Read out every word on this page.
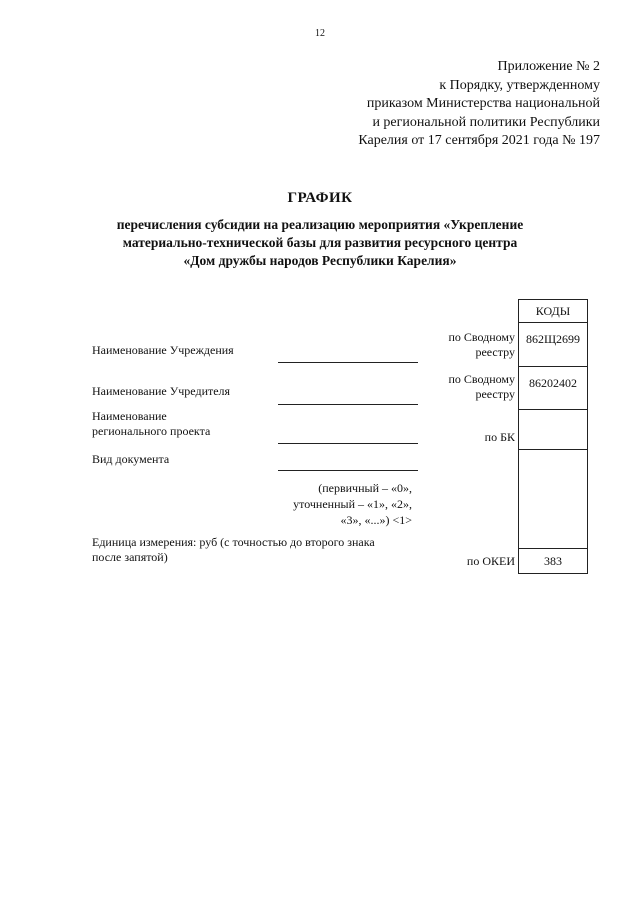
12
Приложение № 2
к Порядку, утвержденному
приказом Министерства национальной
и региональной политики Республики
Карелия от 17 сентября 2021 года № 197
ГРАФИК
перечисления субсидии на реализацию мероприятия «Укрепление
материально-технической базы для развития ресурсного центра
«Дом дружбы народов Республики Карелия»
КОДЫ
862Щ2699
86202402
383
Наименование Учреждения
по Сводному
реестру
Наименование Учредителя
по Сводному
реестру
Наименование
регионального проекта	по БК
Вид документа
(первичный – «0»,
уточненный – «1», «2»,
«3», «...») <1>
Единица измерения: руб (с точностью до второго знака
после запятой)	по ОКЕИ
